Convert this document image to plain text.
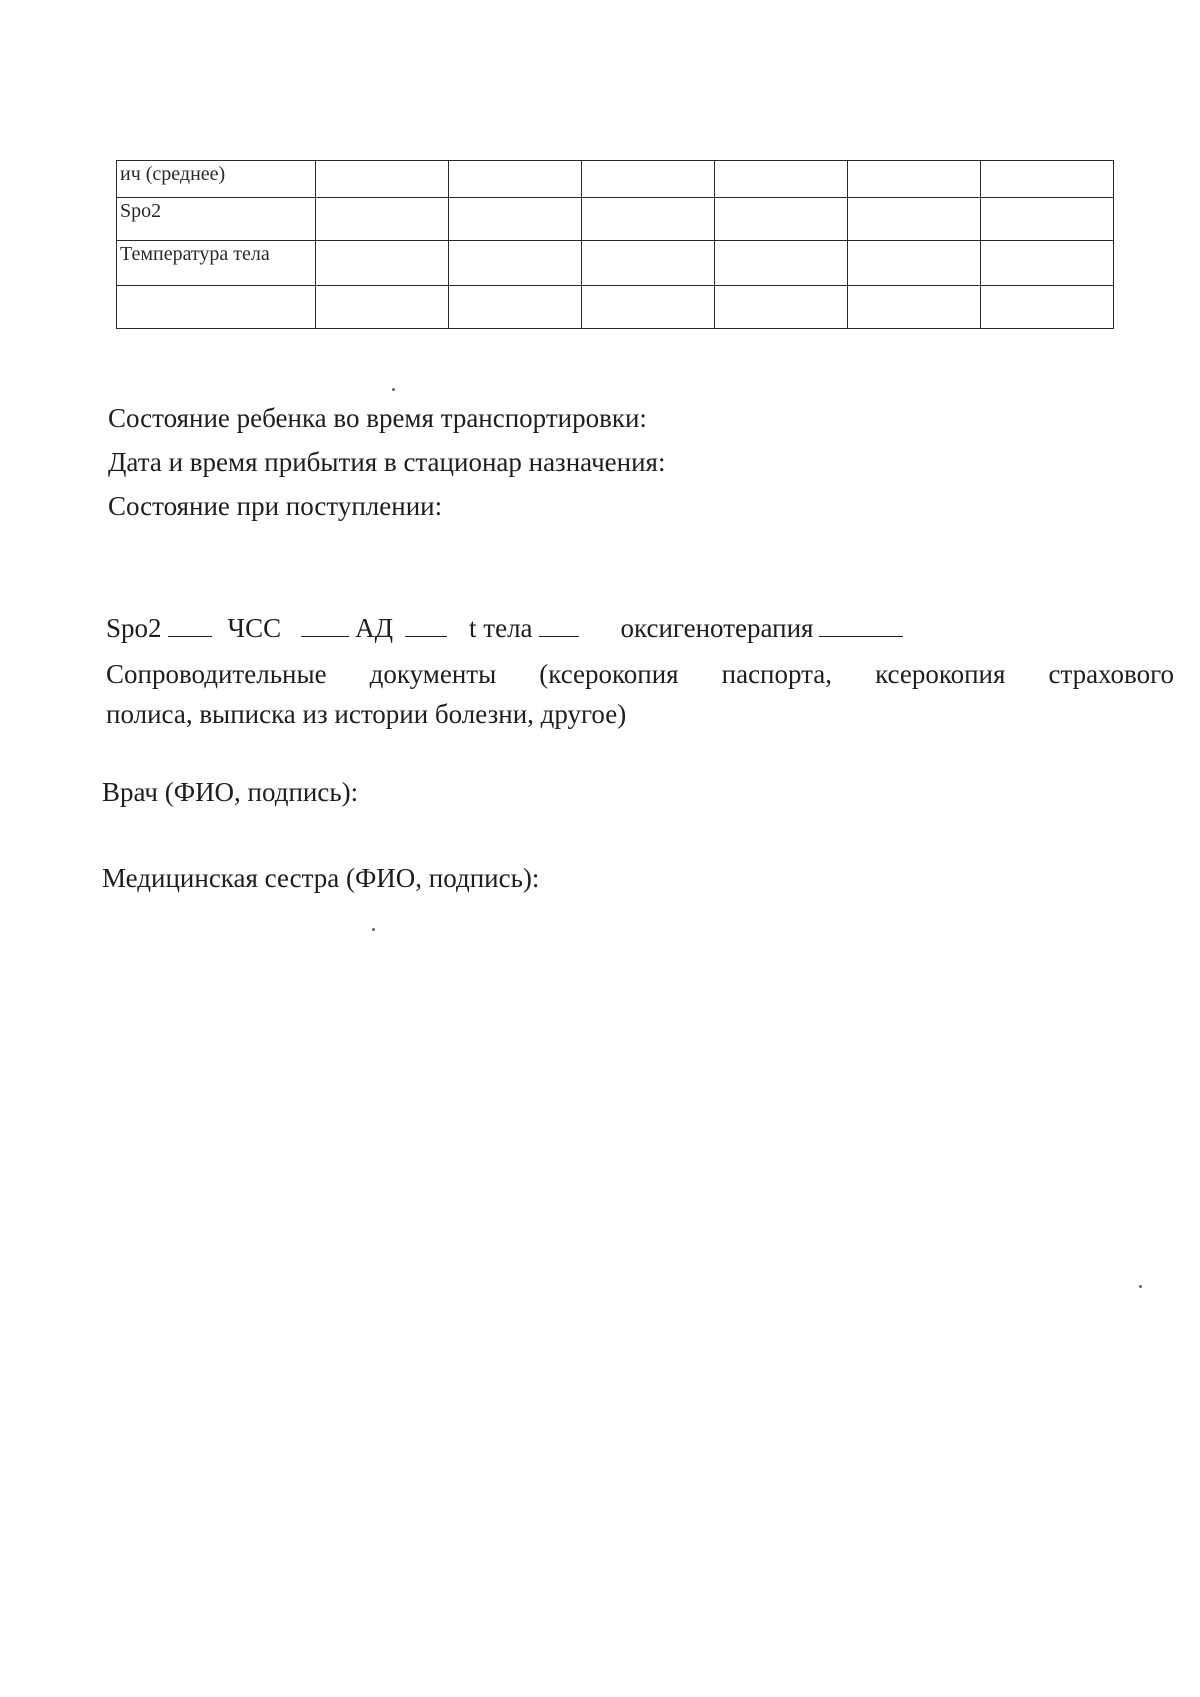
ич (среднее)						
Spo2						
Температура тела						

Состояние ребенка во время транспортировки:
Дата и время прибытия в стационар назначения:
Состояние при поступлении:
Spo2 ЧСС	АД	t тела	оксигенотерапия
Сопроводительные документы (ксерокопия паспорта, ксерокопия страхового
полиса, выписка из истории болезни, другое)
Врач (ФИО, подпись):
Медицинская сестра (ФИО, подпись):
